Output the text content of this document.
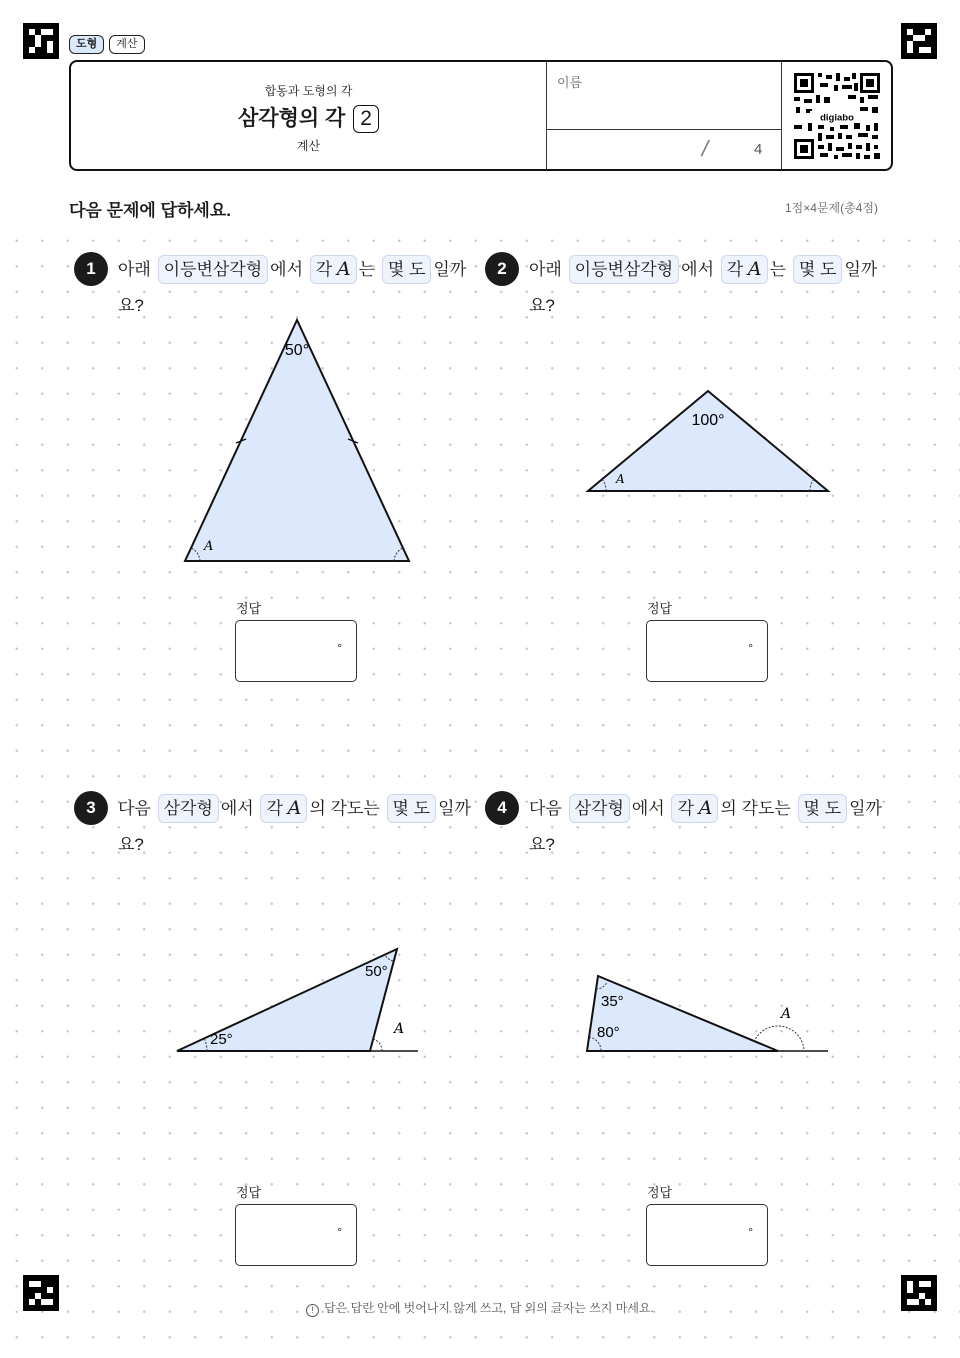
도형	계산
합동과 도형의 각
삼각형의 각 2
계산
이름
/	4
digiabo
다음 문제에 답하세요.	1점×4문제(총4점)
1	아래 이등변삼각형 에서 각 A 는 몇 도 일까
요?
50°
A
정답
°
2	아래 이등변삼각형 에서 각 A 는 몇 도 일까
요?
100°
A
정답
°
3	다음 삼각형 에서 각 A 의 각도는 몇 도 일까
요?
50°
25°
A
정답
°
4	다음 삼각형 에서 각 A 의 각도는 몇 도 일까
요?
35°
80°
A
정답
°
! 답은 답란 안에 벗어나지 않게 쓰고, 답 외의 글자는 쓰지 마세요.
